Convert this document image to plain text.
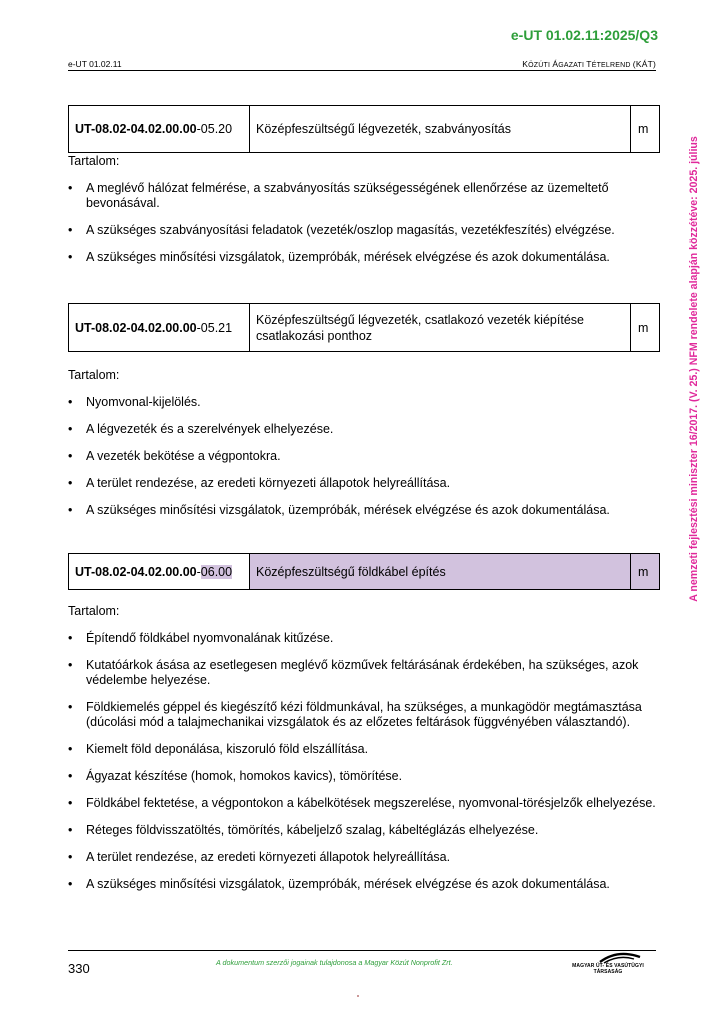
e-UT 01.02.11:2025/Q3
e-UT 01.02.11	KÖZÚTI ÁGAZATI TÉTELREND (KÁT)
A nemzeti fejlesztési miniszter 16/2017. (V. 25.) NFM rendelete alapján közzétéve: 2025. július
UT-08.02-04.02.00.00-05.20	Középfeszültségű légvezeték, szabványosítás	m
Tartalom:
• A meglévő hálózat felmérése, a szabványosítás szükségességének ellenőrzése az üzemeltető bevonásával.
• A szükséges szabványosítási feladatok (vezeték/oszlop magasítás, vezetékfeszítés) elvégzése.
• A szükséges minősítési vizsgálatok, üzempróbák, mérések elvégzése és azok dokumentálása.
UT-08.02-04.02.00.00-05.21	Középfeszültségű légvezeték, csatlakozó vezeték kiépítése csatlakozási ponthoz	m
Tartalom:
• Nyomvonal-kijelölés.
• A légvezeték és a szerelvények elhelyezése.
• A vezeték bekötése a végpontokra.
• A terület rendezése, az eredeti környezeti állapotok helyreállítása.
• A szükséges minősítési vizsgálatok, üzempróbák, mérések elvégzése és azok dokumentálása.
UT-08.02-04.02.00.00-06.00	Középfeszültségű földkábel építés	m
Tartalom:
• Építendő földkábel nyomvonalának kitűzése.
• Kutatóárkok ásása az esetlegesen meglévő közművek feltárásának érdekében, ha szükséges, azok védelembe helyezése.
• Földkiemelés géppel és kiegészítő kézi földmunkával, ha szükséges, a munkagödör megtámasztása (dúcolási mód a talajmechanikai vizsgálatok és az előzetes feltárások függvényében választandó).
• Kiemelt föld deponálása, kiszoruló föld elszállítása.
• Ágyazat készítése (homok, homokos kavics), tömörítése.
• Földkábel fektetése, a végpontokon a kábelkötések megszerelése, nyomvonal-törésjelzők elhelyezése.
• Réteges földvisszatöltés, tömörítés, kábeljelző szalag, kábeltéglázás elhelyezése.
• A terület rendezése, az eredeti környezeti állapotok helyreállítása.
• A szükséges minősítési vizsgálatok, üzempróbák, mérések elvégzése és azok dokumentálása.
330	A dokumentum szerzői jogainak tulajdonosa a Magyar Közút Nonprofit Zrt.	MAGYAR ÚT- ÉS VASÚTÜGYI TÁRSASÁG
